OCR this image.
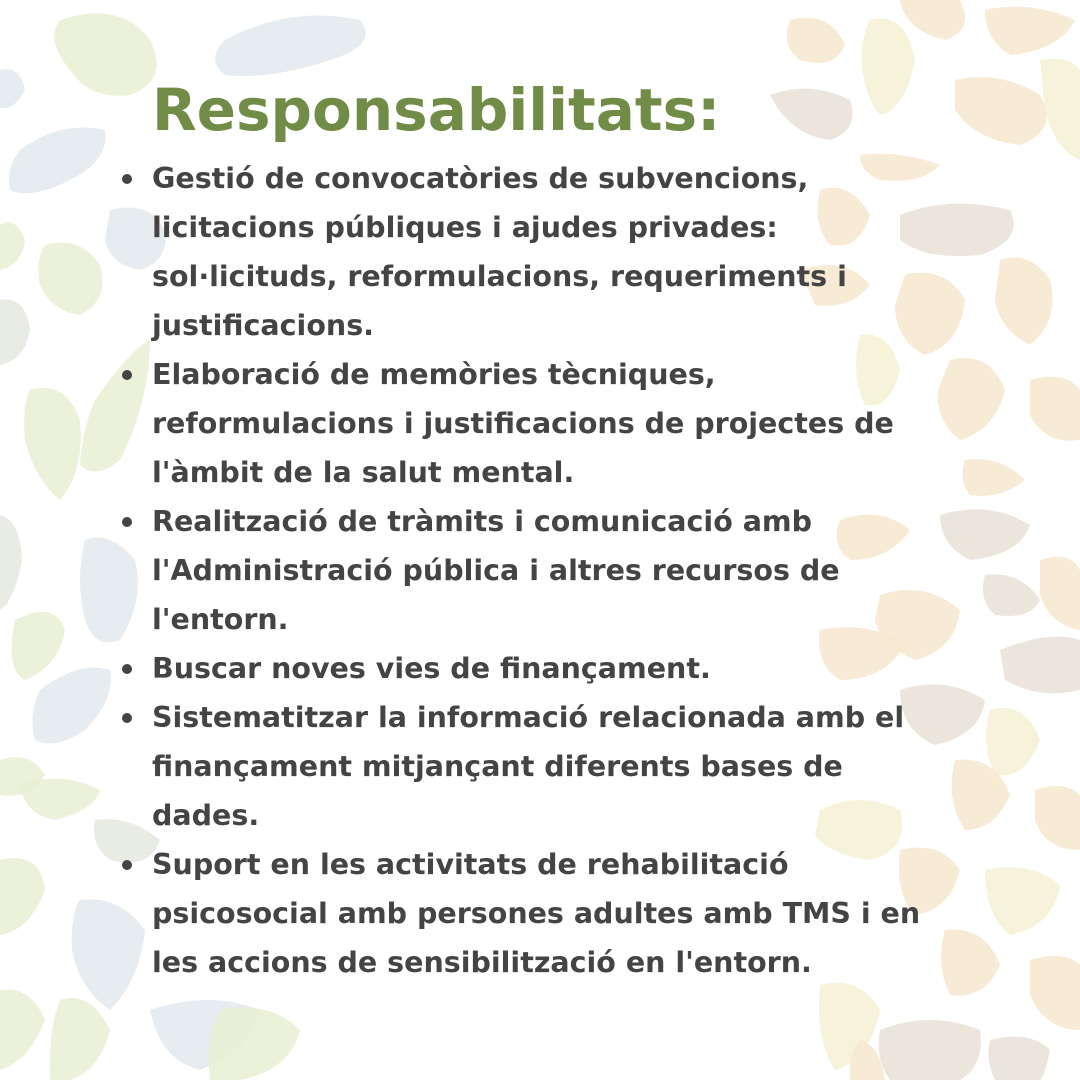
Responsabilitats:
Gestió de convocatòries de subvencions, licitacions públiques i ajudes privades: sol·licituds, reformulacions, requeriments i justificacions.
Elaboració de memòries tècniques, reformulacions i justificacions de projectes de l'àmbit de la salut mental.
Realització de tràmits i comunicació amb l'Administració pública i altres recursos de l'entorn.
Buscar noves vies de finançament.
Sistematitzar la informació relacionada amb el finançament mitjançant diferents bases de dades.
Suport en les activitats de rehabilitació psicosocial amb persones adultes amb TMS i en les accions de sensibilització en l'entorn.
